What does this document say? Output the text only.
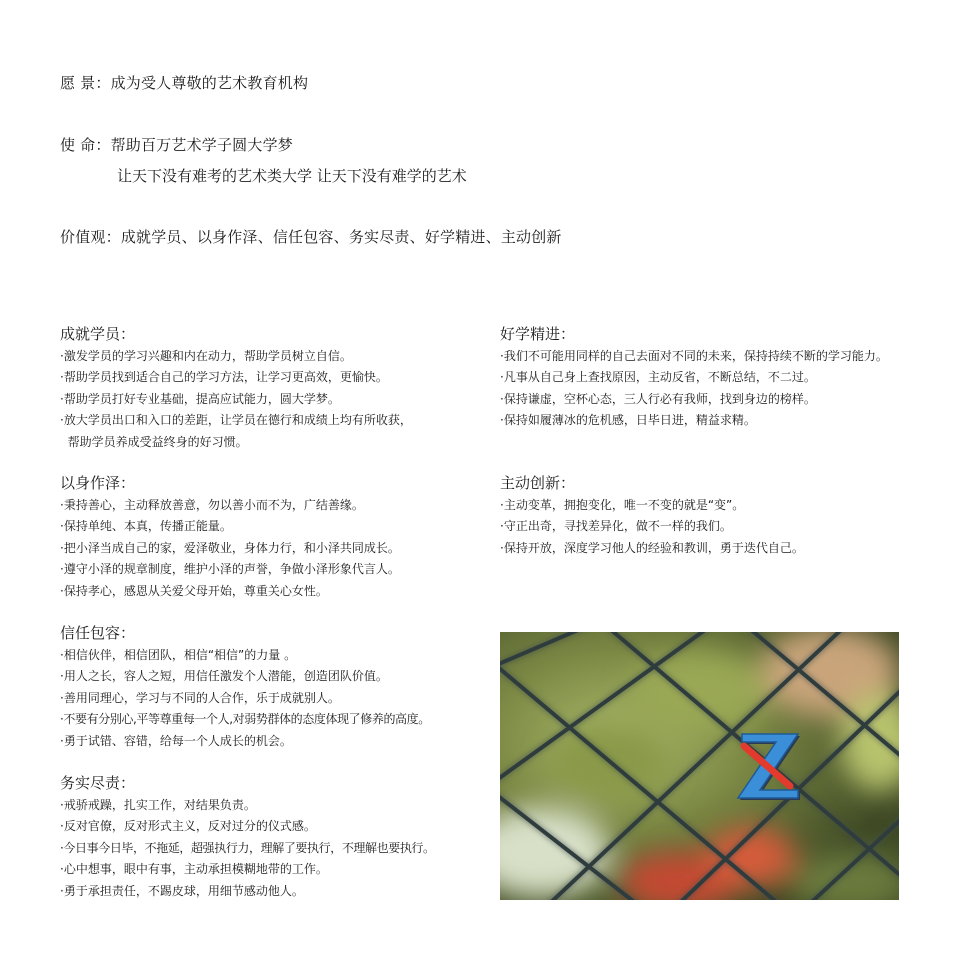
愿 景：成为受人尊敬的艺术教育机构
使 命：帮助百万艺术学子圆大学梦
让天下没有难考的艺术类大学 让天下没有难学的艺术
价值观：成就学员、以身作泽、信任包容、务实尽责、好学精进、主动创新
成就学员：
·激发学员的学习兴趣和内在动力，帮助学员树立自信。
·帮助学员找到适合自己的学习方法，让学习更高效，更愉快。
·帮助学员打好专业基础，提高应试能力，圆大学梦。
·放大学员出口和入口的差距，让学员在德行和成绩上均有所收获，
帮助学员养成受益终身的好习惯。
以身作泽：
·秉持善心，主动释放善意，勿以善小而不为，广结善缘。
·保持单纯、本真，传播正能量。
·把小泽当成自己的家，爱泽敬业，身体力行，和小泽共同成长。
·遵守小泽的规章制度，维护小泽的声誉，争做小泽形象代言人。
·保持孝心，感恩从关爱父母开始，尊重关心女性。
信任包容：
·相信伙伴，相信团队，相信“相信”的力量 。
·用人之长，容人之短，用信任激发个人潜能，创造团队价值。
·善用同理心，学习与不同的人合作，乐于成就别人。
·不要有分别心,平等尊重每一个人,对弱势群体的态度体现了修养的高度。
·勇于试错、容错，给每一个人成长的机会。
务实尽责：
·戒骄戒躁，扎实工作，对结果负责。
·反对官僚，反对形式主义，反对过分的仪式感。
·今日事今日毕，不拖延，超强执行力，理解了要执行，不理解也要执行。
·心中想事，眼中有事，主动承担模糊地带的工作。
·勇于承担责任，不踢皮球，用细节感动他人。
好学精进：
·我们不可能用同样的自己去面对不同的未来，保持持续不断的学习能力。
·凡事从自己身上查找原因，主动反省，不断总结，不二过。
·保持谦虚，空杯心态，三人行必有我师，找到身边的榜样。
·保持如履薄冰的危机感，日毕日进，精益求精。
主动创新：
·主动变革，拥抱变化，唯一不变的就是“变”。
·守正出奇，寻找差异化，做不一样的我们。
·保持开放，深度学习他人的经验和教训，勇于迭代自己。
